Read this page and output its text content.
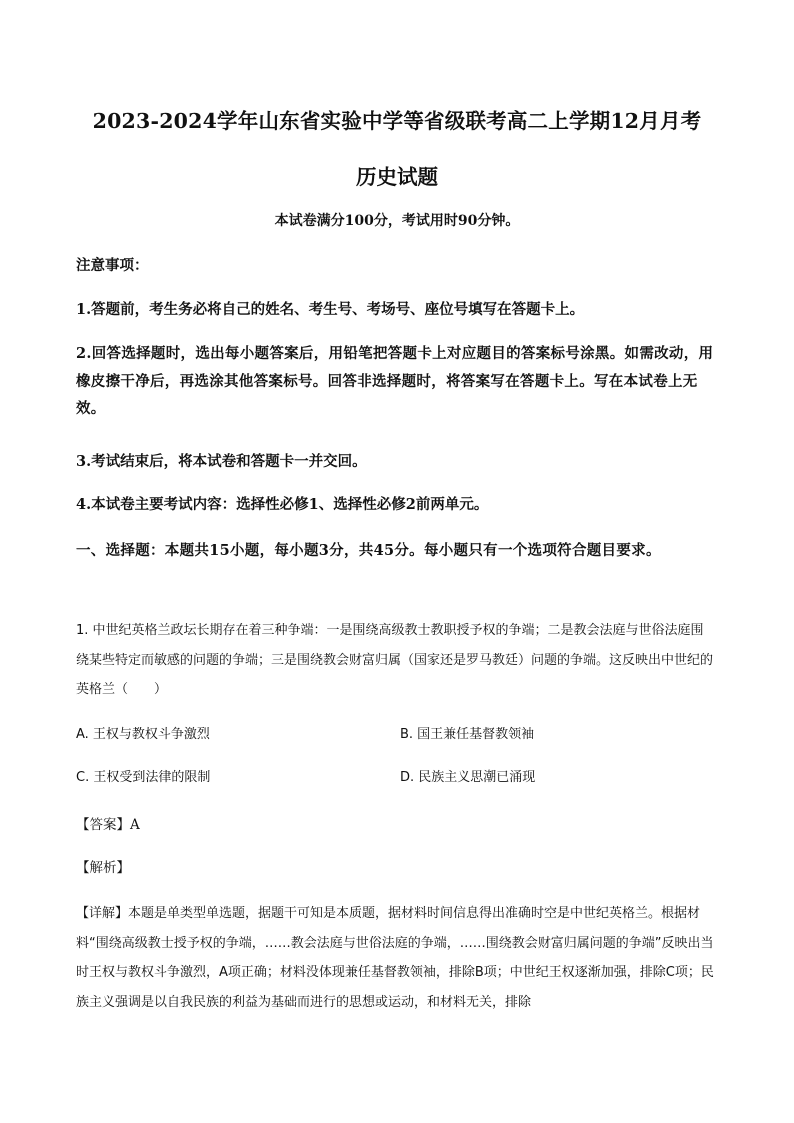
2023-2024学年山东省实验中学等省级联考高二上学期12月月考
历史试题
本试卷满分100分，考试用时90分钟。
注意事项：
1.答题前，考生务必将自己的姓名、考生号、考场号、座位号填写在答题卡上。
2.回答选择题时，选出每小题答案后，用铅笔把答题卡上对应题目的答案标号涂黑。如需改动，用橡皮擦干净后，再选涂其他答案标号。回答非选择题时，将答案写在答题卡上。写在本试卷上无效。
3.考试结束后，将本试卷和答题卡一并交回。
4.本试卷主要考试内容：选择性必修1、选择性必修2前两单元。
一、选择题：本题共15小题，每小题3分，共45分。每小题只有一个选项符合题目要求。
1. 中世纪英格兰政坛长期存在着三种争端：一是围绕高级教士教职授予权的争端；二是教会法庭与世俗法庭围绕某些特定而敏感的问题的争端；三是围绕教会财富归属（国家还是罗马教廷）问题的争端。这反映出中世纪的英格兰（　　）
A. 王权与教权斗争激烈	B. 国王兼任基督教领袖
C. 王权受到法律的限制	D. 民族主义思潮已涌现
【答案】A
【解析】
【详解】本题是单类型单选题，据题干可知是本质题，据材料时间信息得出准确时空是中世纪英格兰。根据材料“围绕高级教士授予权的争端，……教会法庭与世俗法庭的争端，……围绕教会财富归属问题的争端”反映出当时王权与教权斗争激烈，A项正确；材料没体现兼任基督教领袖，排除B项；中世纪王权逐渐加强，排除C项；民族主义强调是以自我民族的利益为基础而进行的思想或运动，和材料无关，排除
